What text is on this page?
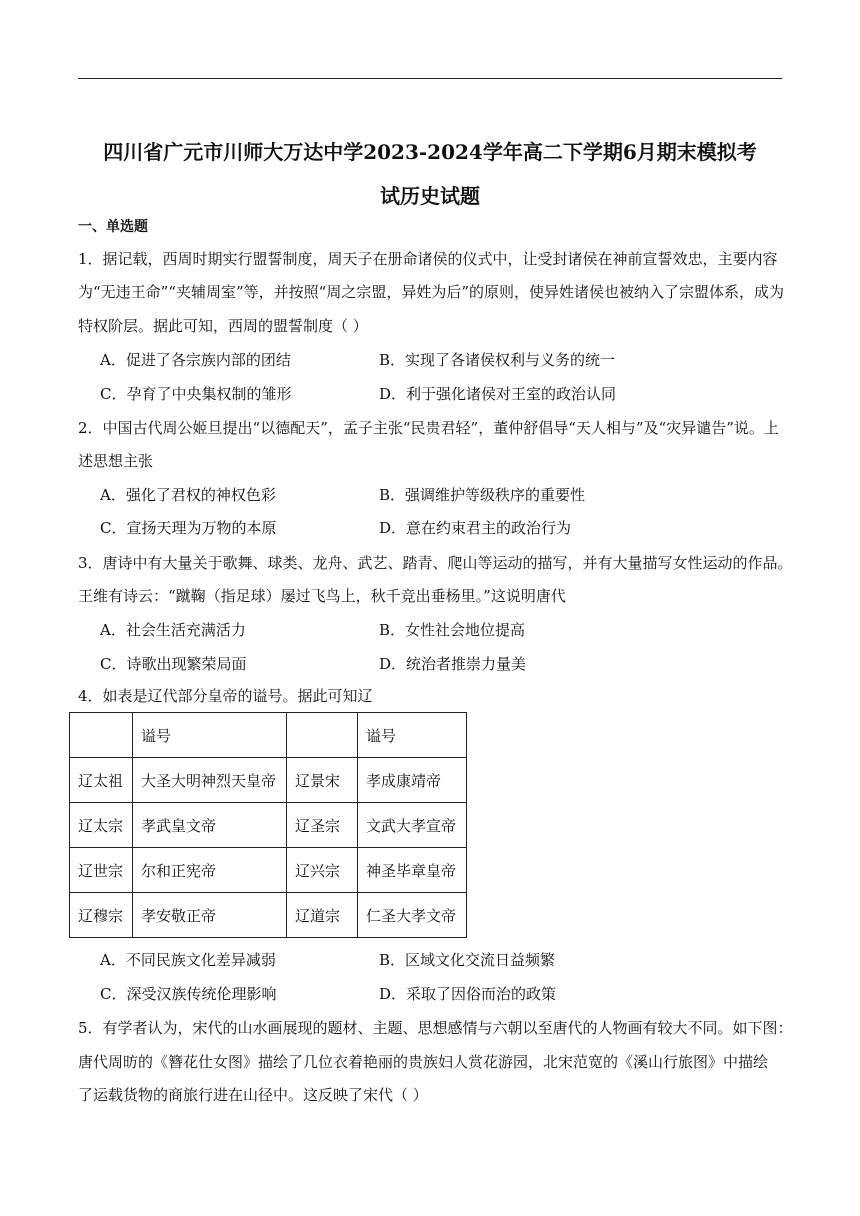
四川省广元市川师大万达中学2023-2024学年高二下学期6月期末模拟考
试历史试题
一、单选题
1．据记载，西周时期实行盟誓制度，周天子在册命诸侯的仪式中，让受封诸侯在神前宣誓效忠，主要内容
为“无违王命”“夹辅周室”等，并按照“周之宗盟，异姓为后”的原则，使异姓诸侯也被纳入了宗盟体系，成为
特权阶层。据此可知，西周的盟誓制度（ ）
A．促进了各宗族内部的团结	B．实现了各诸侯权利与义务的统一
C．孕育了中央集权制的雏形	D．利于强化诸侯对王室的政治认同
2．中国古代周公姬旦提出“以德配天”，孟子主张“民贵君轻”，董仲舒倡导“天人相与”及“灾异谴告”说。上
述思想主张
A．强化了君权的神权色彩	B．强调维护等级秩序的重要性
C．宣扬天理为万物的本原	D．意在约束君主的政治行为
3．唐诗中有大量关于歌舞、球类、龙舟、武艺、踏青、爬山等运动的描写，并有大量描写女性运动的作品。
王维有诗云：“蹴鞠（指足球）屡过飞鸟上，秋千竞出垂杨里。”这说明唐代
A．社会生活充满活力	B．女性社会地位提高
C．诗歌出现繁荣局面	D．统治者推崇力量美
4．如表是辽代部分皇帝的谥号。据此可知辽
	谥号		谥号
辽太祖	大圣大明神烈天皇帝	辽景宋	孝成康靖帝
辽太宗	孝武皇文帝	辽圣宗	文武大孝宣帝
辽世宗	尔和正宪帝	辽兴宗	神圣毕章皇帝
辽穆宗	孝安敬正帝	辽道宗	仁圣大孝文帝
A．不同民族文化差异减弱	B．区域文化交流日益频繁
C．深受汉族传统伦理影响	D．采取了因俗而治的政策
5．有学者认为，宋代的山水画展现的题材、主题、思想感情与六朝以至唐代的人物画有较大不同。如下图：
唐代周昉的《簪花仕女图》描绘了几位衣着艳丽的贵族妇人赏花游园，北宋范宽的《溪山行旅图》中描绘
了运载货物的商旅行进在山径中。这反映了宋代（ ）
